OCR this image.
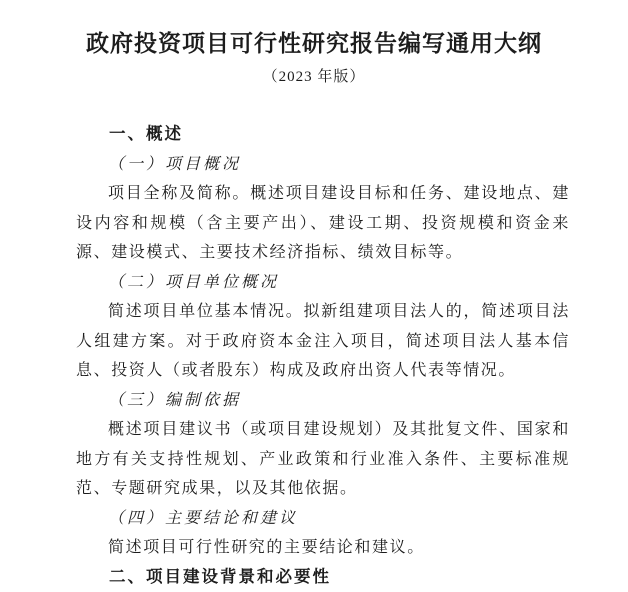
政府投资项目可行性研究报告编写通用大纲
（2023 年版）
一、概述
（一）项目概况
项目全称及简称。概述项目建设目标和任务、建设地点、建设内容和规模（含主要产出）、建设工期、投资规模和资金来源、建设模式、主要技术经济指标、绩效目标等。
（二）项目单位概况
简述项目单位基本情况。拟新组建项目法人的，简述项目法人组建方案。对于政府资本金注入项目，简述项目法人基本信息、投资人（或者股东）构成及政府出资人代表等情况。
（三）编制依据
概述项目建议书（或项目建设规划）及其批复文件、国家和地方有关支持性规划、产业政策和行业准入条件、主要标准规范、专题研究成果，以及其他依据。
（四）主要结论和建议
简述项目可行性研究的主要结论和建议。
二、项目建设背景和必要性
